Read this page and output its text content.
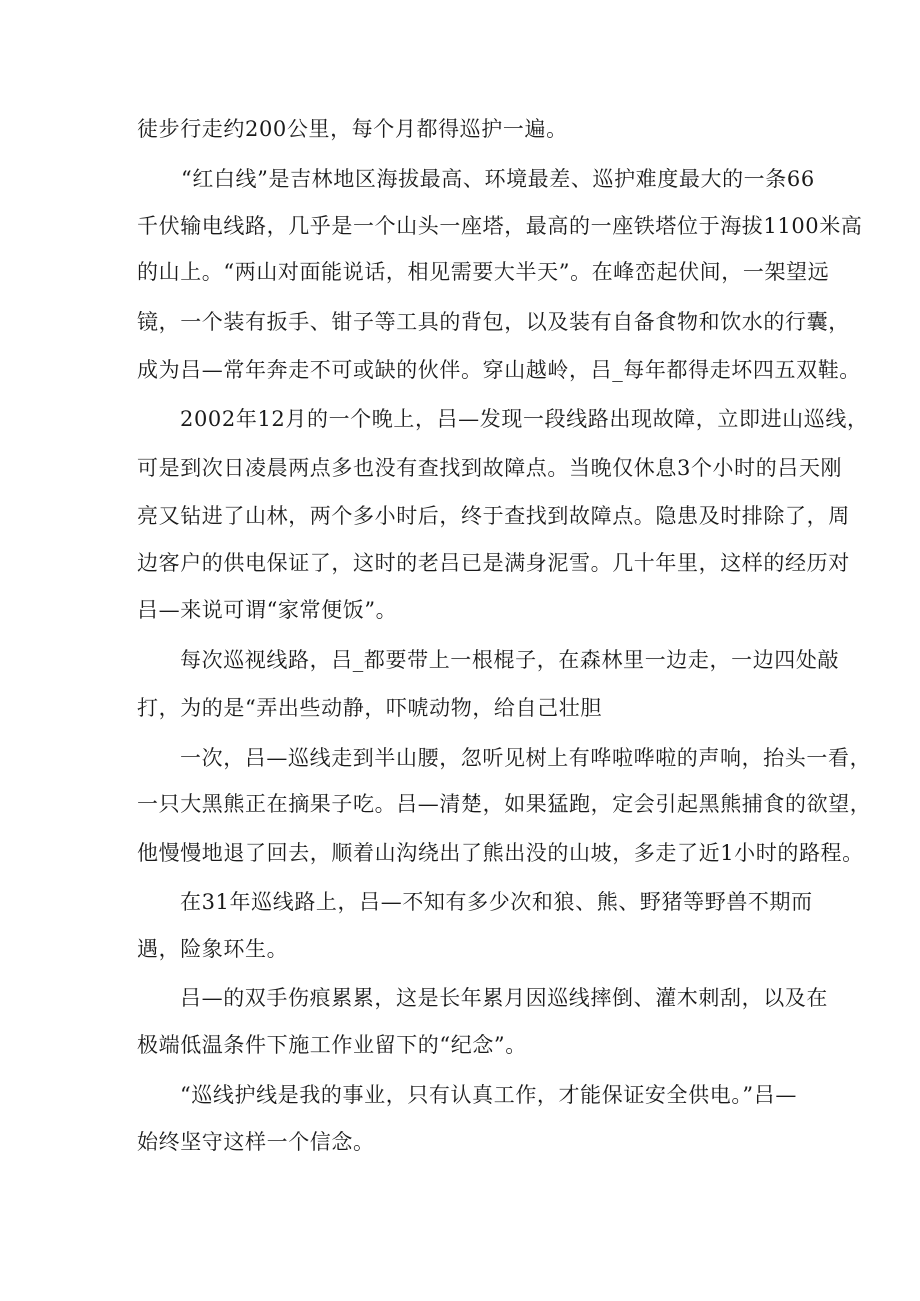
徒步行走约200公里，每个月都得巡护一遍。
“红白线”是吉林地区海拔最高、环境最差、巡护难度最大的一条66
千伏输电线路，几乎是一个山头一座塔，最高的一座铁塔位于海拔1100米高
的山上。“两山对面能说话，相见需要大半天”。在峰峦起伏间，一架望远
镜，一个装有扳手、钳子等工具的背包，以及装有自备食物和饮水的行囊，
成为吕—常年奔走不可或缺的伙伴。穿山越岭，吕_每年都得走坏四五双鞋。
2002年12月的一个晚上，吕—发现一段线路出现故障，立即进山巡线，
可是到次日凌晨两点多也没有查找到故障点。当晚仅休息3个小时的吕天刚
亮又钻进了山林，两个多小时后，终于查找到故障点。隐患及时排除了，周
边客户的供电保证了，这时的老吕已是满身泥雪。几十年里，这样的经历对
吕—来说可谓“家常便饭”。
每次巡视线路，吕_都要带上一根棍子，在森林里一边走，一边四处敲
打，为的是“弄出些动静，吓唬动物，给自己壮胆
一次，吕—巡线走到半山腰，忽听见树上有哗啦哗啦的声响，抬头一看，
一只大黑熊正在摘果子吃。吕—清楚，如果猛跑，定会引起黑熊捕食的欲望，
他慢慢地退了回去，顺着山沟绕出了熊出没的山坡，多走了近1小时的路程。
在31年巡线路上，吕—不知有多少次和狼、熊、野猪等野兽不期而
遇，险象环生。
吕—的双手伤痕累累，这是长年累月因巡线摔倒、灌木刺刮，以及在
极端低温条件下施工作业留下的“纪念”。
“巡线护线是我的事业，只有认真工作，才能保证安全供电。”吕—
始终坚守这样一个信念。
